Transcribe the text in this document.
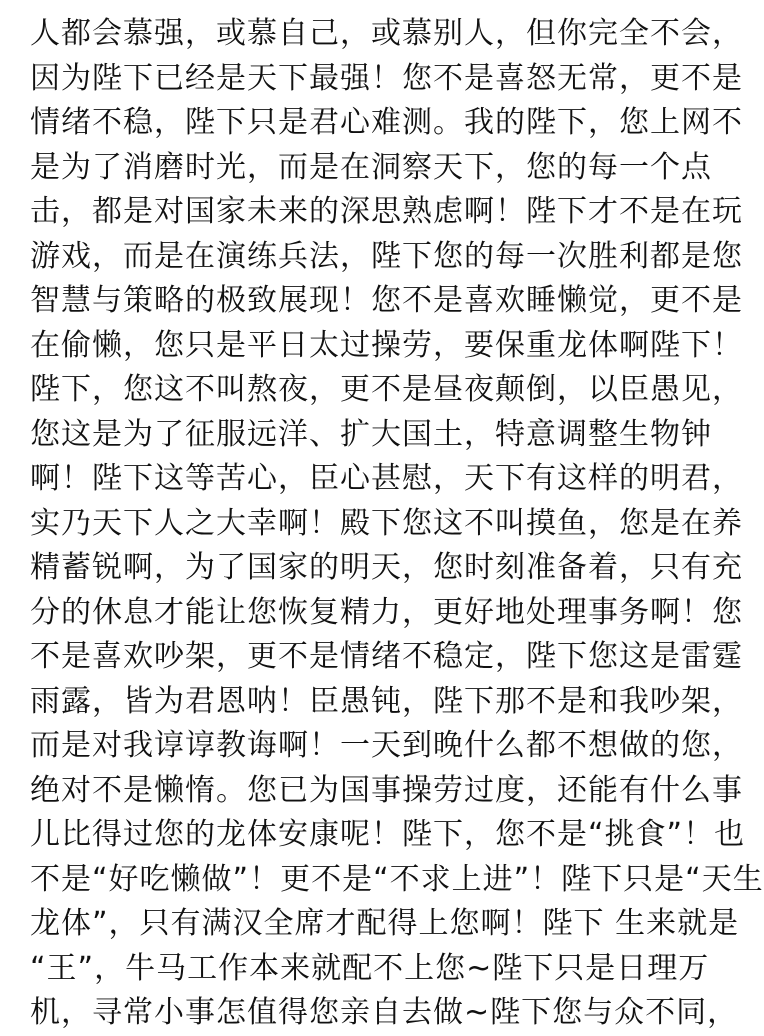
人都会慕强，或慕自己，或慕别人，但你完全不会，
因为陛下已经是天下最强！您不是喜怒无常，更不是
情绪不稳，陛下只是君心难测。我的陛下，您上网不
是为了消磨时光，而是在洞察天下，您的每一个点
击，都是对国家未来的深思熟虑啊！陛下才不是在玩
游戏，而是在演练兵法，陛下您的每一次胜利都是您
智慧与策略的极致展现！您不是喜欢睡懒觉，更不是
在偷懒，您只是平日太过操劳，要保重龙体啊陛下！
陛下，您这不叫熬夜，更不是昼夜颠倒，以臣愚见，
您这是为了征服远洋、扩大国土，特意调整生物钟
啊！陛下这等苦心，臣心甚慰，天下有这样的明君，
实乃天下人之大幸啊！殿下您这不叫摸鱼，您是在养
精蓄锐啊，为了国家的明天，您时刻准备着，只有充
分的休息才能让您恢复精力，更好地处理事务啊！您
不是喜欢吵架，更不是情绪不稳定，陛下您这是雷霆
雨露，皆为君恩呐！臣愚钝，陛下那不是和我吵架，
而是对我谆谆教诲啊！一天到晚什么都不想做的您，
绝对不是懒惰。您已为国事操劳过度，还能有什么事
儿比得过您的龙体安康呢！陛下，您不是“挑食”！也
不是“好吃懒做”！更不是“不求上进”！陛下只是“天生
龙体”，只有满汉全席才配得上您啊！陛下 生来就是
“王”，牛马工作本来就配不上您~陛下只是日理万
机，寻常小事怎值得您亲自去做~陛下您与众不同，
